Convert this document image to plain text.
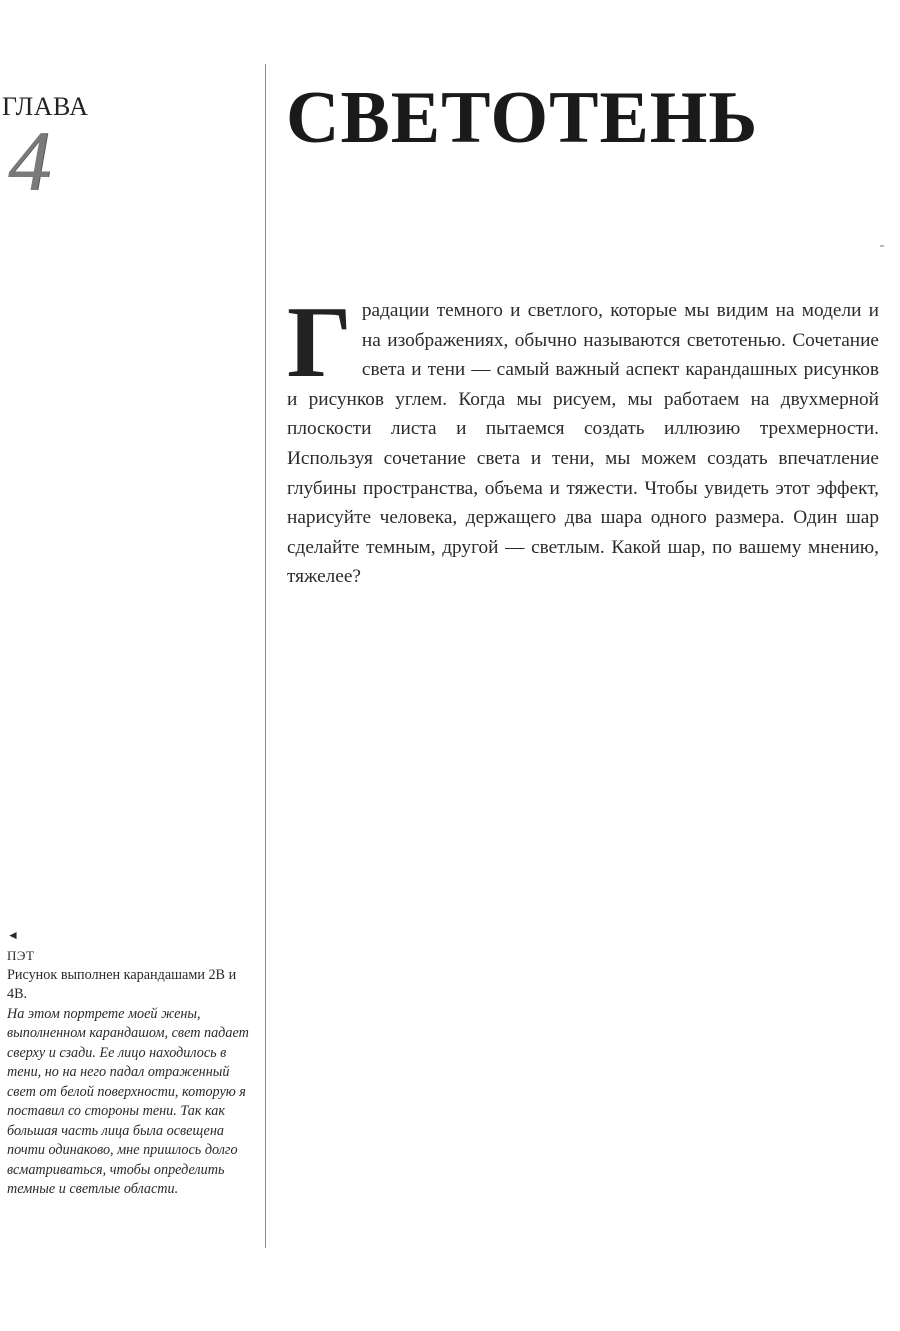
ГЛАВА
4	СВЕТОТЕНЬ

Градации темного и светлого, которые мы видим на модели и на изображениях, обычно называются светотенью. Сочетание света и тени — самый важный аспект карандашных рисунков и рисунков углем. Когда мы рисуем, мы работаем на двухмерной плоскости листа и пытаемся создать иллюзию трехмерности. Используя сочетание света и тени, мы можем создать впечатление глубины пространства, объема и тяжести. Чтобы увидеть этот эффект, нарисуйте человека, держащего два шара одного размера. Один шар сделайте темным, другой — светлым. Какой шар, по вашему мнению, тяжелее?

◄
ПЭТ
Рисунок выполнен карандашами 2B и 4B.
На этом портрете моей жены, выполненном карандашом, свет падает сверху и сзади. Ее лицо находилось в тени, но на него падал отраженный свет от белой поверхности, которую я поставил со стороны тени. Так как большая часть лица была освещена почти одинаково, мне пришлось долго всматриваться, чтобы определить темные и светлые области.
